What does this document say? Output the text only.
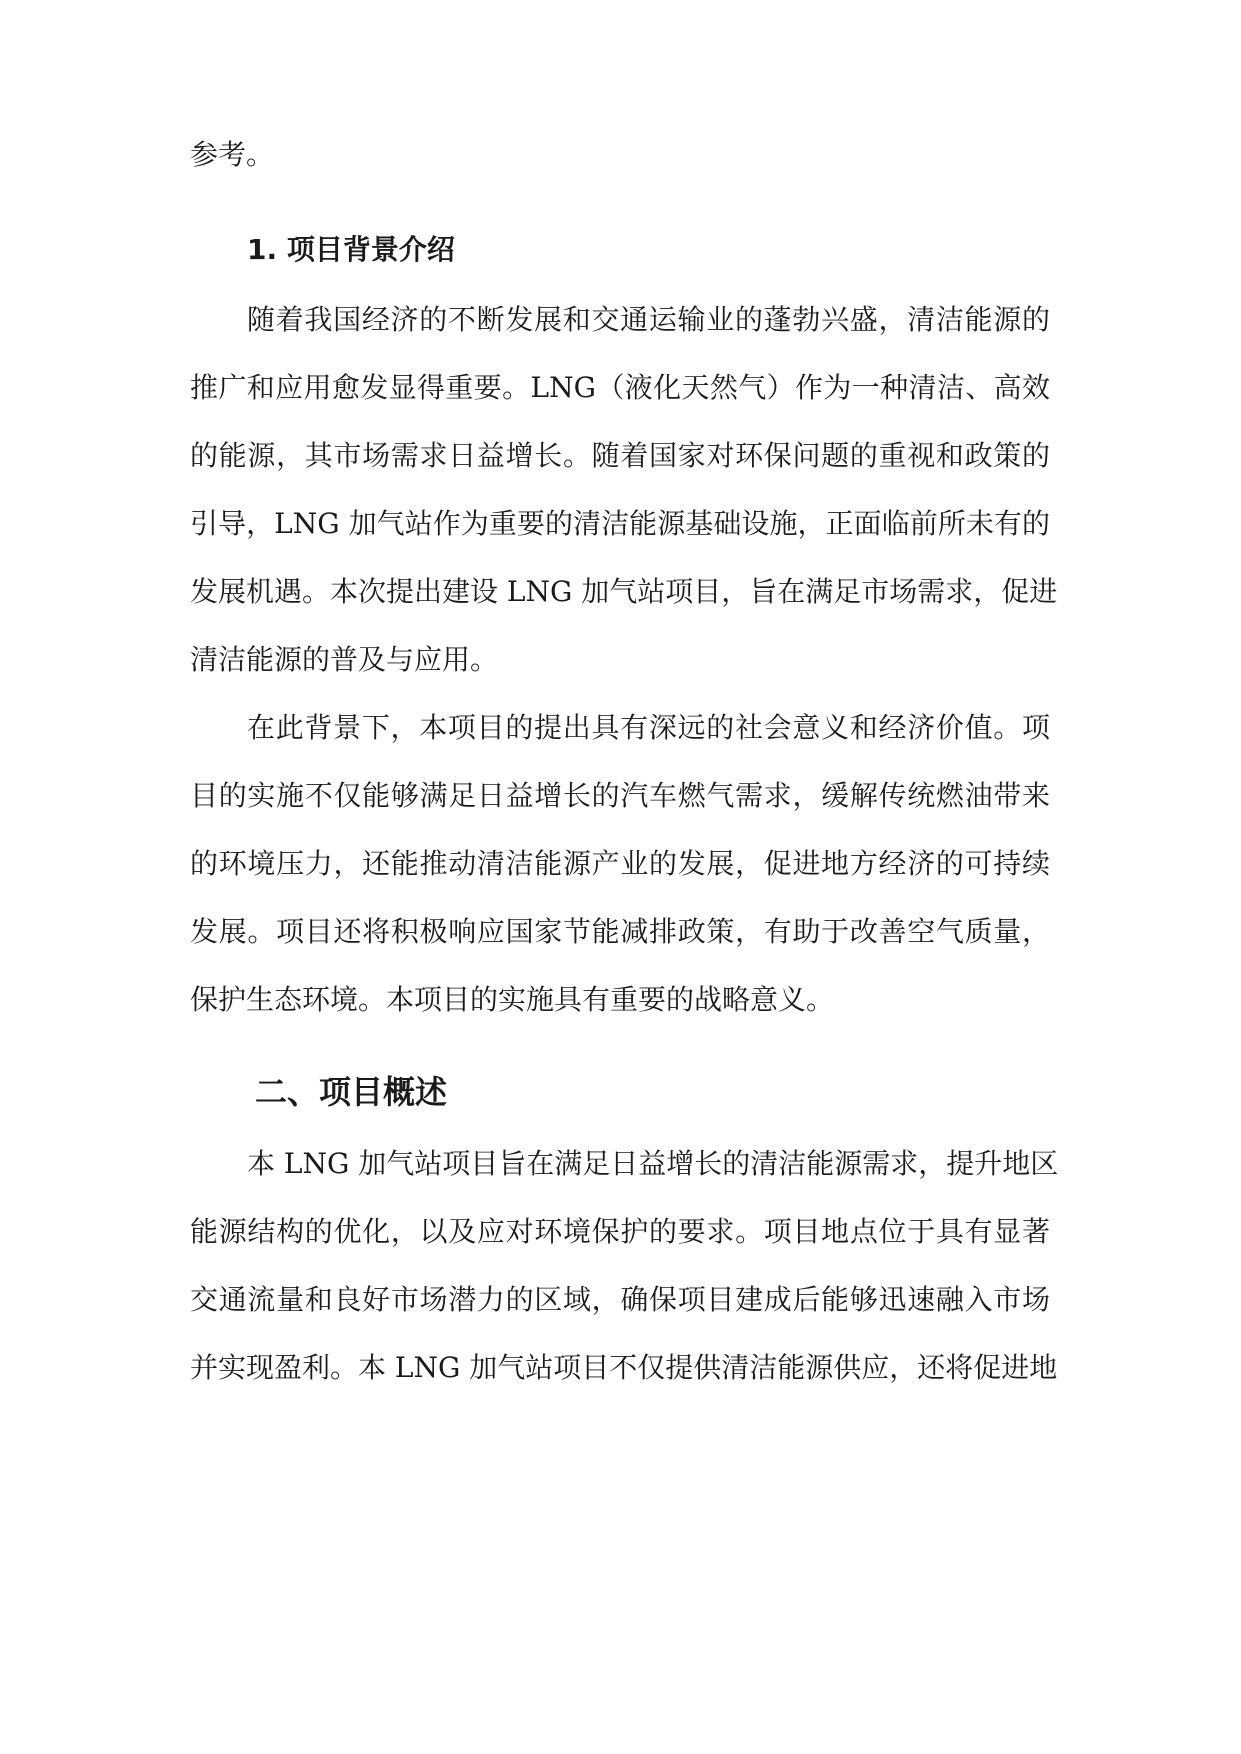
参考。
1. 项目背景介绍
随着我国经济的不断发展和交通运输业的蓬勃兴盛，清洁能源的
推广和应用愈发显得重要。LNG（液化天然气）作为一种清洁、高效
的能源，其市场需求日益增长。随着国家对环保问题的重视和政策的
引导，LNG 加气站作为重要的清洁能源基础设施，正面临前所未有的
发展机遇。本次提出建设 LNG 加气站项目，旨在满足市场需求，促进
清洁能源的普及与应用。
在此背景下，本项目的提出具有深远的社会意义和经济价值。项
目的实施不仅能够满足日益增长的汽车燃气需求，缓解传统燃油带来
的环境压力，还能推动清洁能源产业的发展，促进地方经济的可持续
发展。项目还将积极响应国家节能减排政策，有助于改善空气质量，
保护生态环境。本项目的实施具有重要的战略意义。
二、项目概述
本 LNG 加气站项目旨在满足日益增长的清洁能源需求，提升地区
能源结构的优化，以及应对环境保护的要求。项目地点位于具有显著
交通流量和良好市场潜力的区域，确保项目建成后能够迅速融入市场
并实现盈利。本 LNG 加气站项目不仅提供清洁能源供应，还将促进地
